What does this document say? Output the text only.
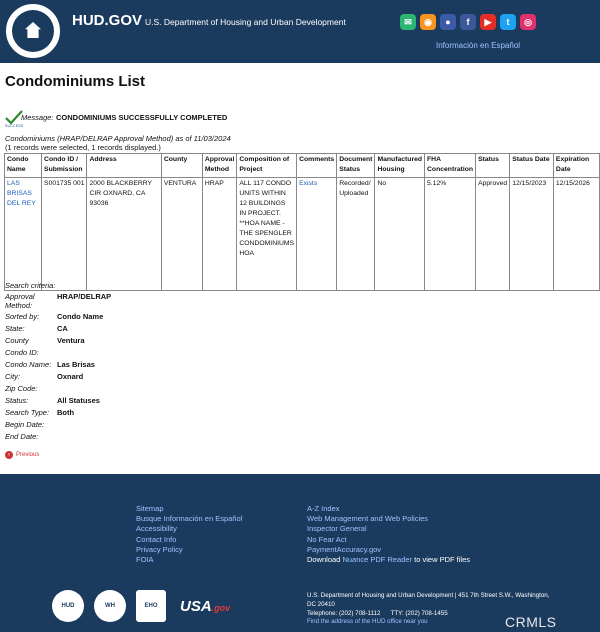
HUD.GOV U.S. Department of Housing and Urban Development	✉	◉	●	f	▶	t	◎
Información en Español
Condominiums List
SUCCESS
Message: CONDOMINIUMS SUCCESSFULLY COMPLETED
Condominiums (HRAP/DELRAP Approval Method) as of 11/03/2024
(1 records were selected, 1 records displayed.)
Condo Name	Condo ID / Submission	Address	County	Approval Method	Composition of Project	Comments	Document Status	Manufactured Housing	FHA Concentration	Status	Status Date	Expiration Date
LAS BRISAS DEL REY	S001735 001	2000 BLACKBERRY CIR OXNARD, CA 93036	VENTURA	HRAP	ALL 117 CONDO UNITS WITHIN 12 BUILDINGS IN PROJECT. **HOA NAME - THE SPENGLER CONDOMINIUMS HOA	Exists	Recorded/ Uploaded	No	5.12%	Approved	12/15/2023	12/15/2026
Search criteria:
Approval Method:
HRAP/DELRAP
Sorted by:	Condo Name
State:	CA
County	Ventura
Condo ID:
Condo Name: Las Brisas
City:	Oxnard
Zip Code:
Status:	All Statuses
Search Type:	Both
Begin Date:
End Date:
‹	Previous
Sitemap
Busque Información en Español
Accessibility
Contact Info
Privacy Policy
FOIA
A-Z Index
Web Management and Web Policies
Inspector General
No Fear Act
PaymentAccuracy.gov
Download Nuance PDF Reader to view PDF files
HUD	WH	EHO	USA.gov
U.S. Department of Housing and Urban Development | 451 7th Street S.W., Washington, DC 20410
Telephone: (202) 708-1112      TTY: (202) 708-1455
Find the address of the HUD office near you	CRMLS
